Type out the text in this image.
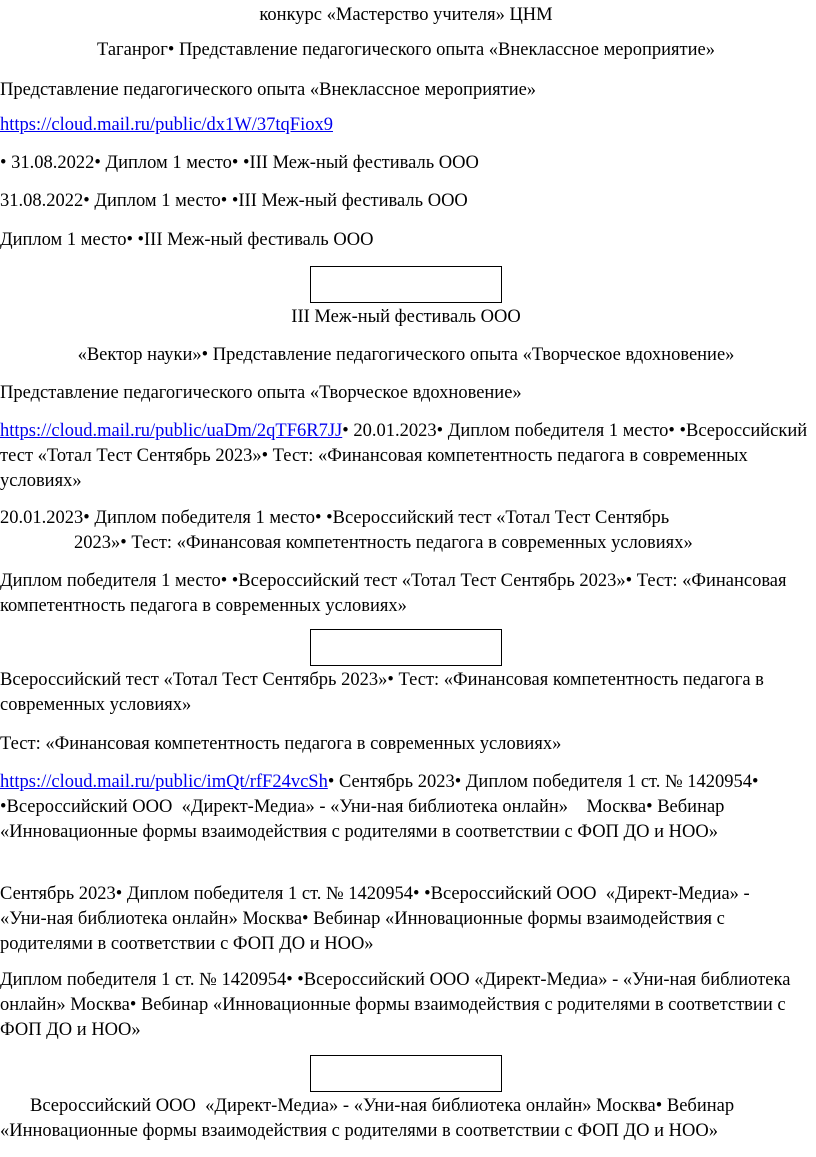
конкурс «Мастерство учителя» ЦНМ

Таганрог• Представление педагогического опыта «Внеклассное мероприятие»

Представление педагогического опыта «Внеклассное мероприятие»

https://cloud.mail.ru/public/dx1W/37tqFiox9

• 31.08.2022• Диплом 1 место• •III Меж-ный фестиваль ООО

31.08.2022• Диплом 1 место• •III Меж-ный фестиваль ООО

Диплом 1 место• •III Меж-ный фестиваль ООО

III Меж-ный фестиваль ООО

«Вектор науки»• Представление педагогического опыта «Творческое вдохновение»

Представление педагогического опыта «Творческое вдохновение»

https://cloud.mail.ru/public/uaDm/2qTF6R7JJ• 20.01.2023• Диплом победителя 1 место• •Всероссийский тест «Тотал Тест Сентябрь 2023»• Тест: «Финансовая компетентность педагога в современных условиях»

20.01.2023• Диплом победителя 1 место• •Всероссийский тест «Тотал Тест Сентябрь
2023»• Тест: «Финансовая компетентность педагога в современных условиях»

Диплом победителя 1 место• •Всероссийский тест «Тотал Тест Сентябрь 2023»• Тест: «Финансовая компетентность педагога в современных условиях»

Всероссийский тест «Тотал Тест Сентябрь 2023»• Тест: «Финансовая компетентность педагога в современных условиях»

Тест: «Финансовая компетентность педагога в современных условиях»

https://cloud.mail.ru/public/imQt/rfF24vcSh• Сентябрь 2023• Диплом победителя 1 ст. № 1420954• •Всероссийский ООО  «Директ-Медиа» - «Уни-ная библиотека онлайн»    Москва• Вебинар «Инновационные формы взаимодействия с родителями в соответствии с ФОП ДО и НОО»

Сентябрь 2023• Диплом победителя 1 ст. № 1420954• •Всероссийский ООО  «Директ-Медиа» -    «Уни-ная библиотека онлайн» Москва• Вебинар «Инновационные формы взаимодействия с родителями в соответствии с ФОП ДО и НОО»

Диплом победителя 1 ст. № 1420954• •Всероссийский ООО «Директ-Медиа» - «Уни-ная библиотека онлайн» Москва• Вебинар «Инновационные формы взаимодействия с родителями в соответствии с ФОП ДО и НОО»

Всероссийский ООО  «Директ-Медиа» - «Уни-ная библиотека онлайн» Москва• Вебинар «Инновационные формы взаимодействия с родителями в соответствии с ФОП ДО и НОО»
